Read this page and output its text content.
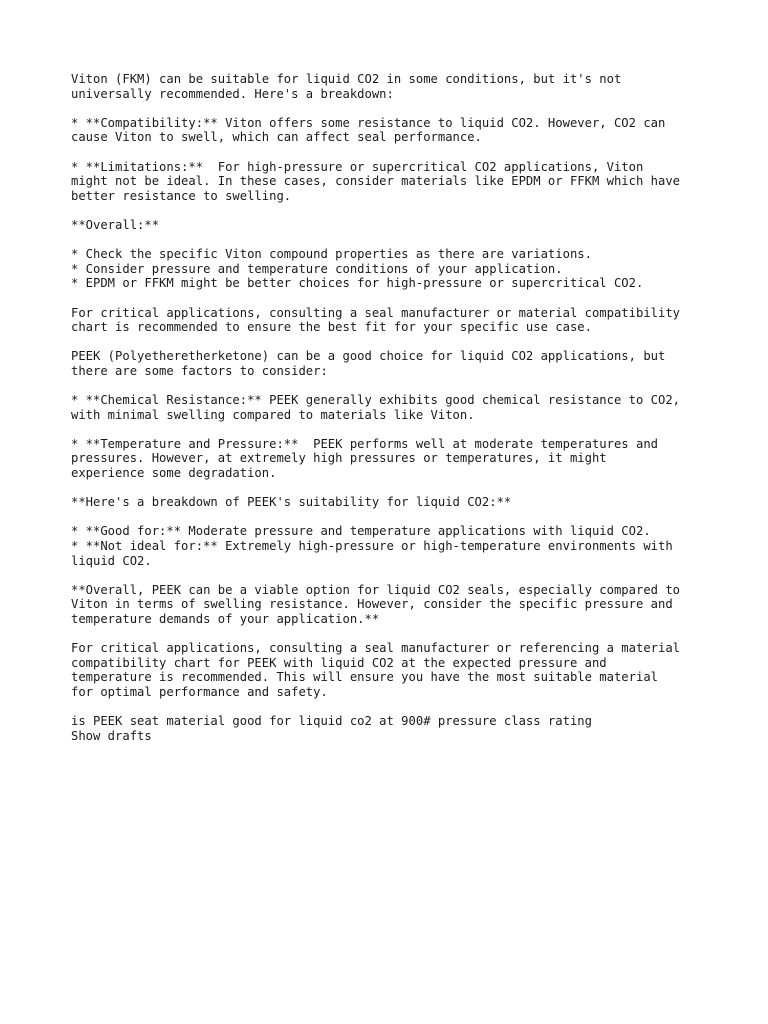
Viton (FKM) can be suitable for liquid CO2 in some conditions, but it's not
universally recommended. Here's a breakdown:

* **Compatibility:** Viton offers some resistance to liquid CO2. However, CO2 can
cause Viton to swell, which can affect seal performance.

* **Limitations:**  For high-pressure or supercritical CO2 applications, Viton
might not be ideal. In these cases, consider materials like EPDM or FFKM which have
better resistance to swelling.

**Overall:**

* Check the specific Viton compound properties as there are variations.
* Consider pressure and temperature conditions of your application.
* EPDM or FFKM might be better choices for high-pressure or supercritical CO2.

For critical applications, consulting a seal manufacturer or material compatibility
chart is recommended to ensure the best fit for your specific use case.

PEEK (Polyetheretherketone) can be a good choice for liquid CO2 applications, but
there are some factors to consider:

* **Chemical Resistance:** PEEK generally exhibits good chemical resistance to CO2,
with minimal swelling compared to materials like Viton.

* **Temperature and Pressure:**  PEEK performs well at moderate temperatures and
pressures. However, at extremely high pressures or temperatures, it might
experience some degradation.

**Here's a breakdown of PEEK's suitability for liquid CO2:**

* **Good for:** Moderate pressure and temperature applications with liquid CO2.
* **Not ideal for:** Extremely high-pressure or high-temperature environments with
liquid CO2.

**Overall, PEEK can be a viable option for liquid CO2 seals, especially compared to
Viton in terms of swelling resistance. However, consider the specific pressure and
temperature demands of your application.**

For critical applications, consulting a seal manufacturer or referencing a material
compatibility chart for PEEK with liquid CO2 at the expected pressure and
temperature is recommended. This will ensure you have the most suitable material
for optimal performance and safety.

is PEEK seat material good for liquid co2 at 900# pressure class rating
Show drafts
